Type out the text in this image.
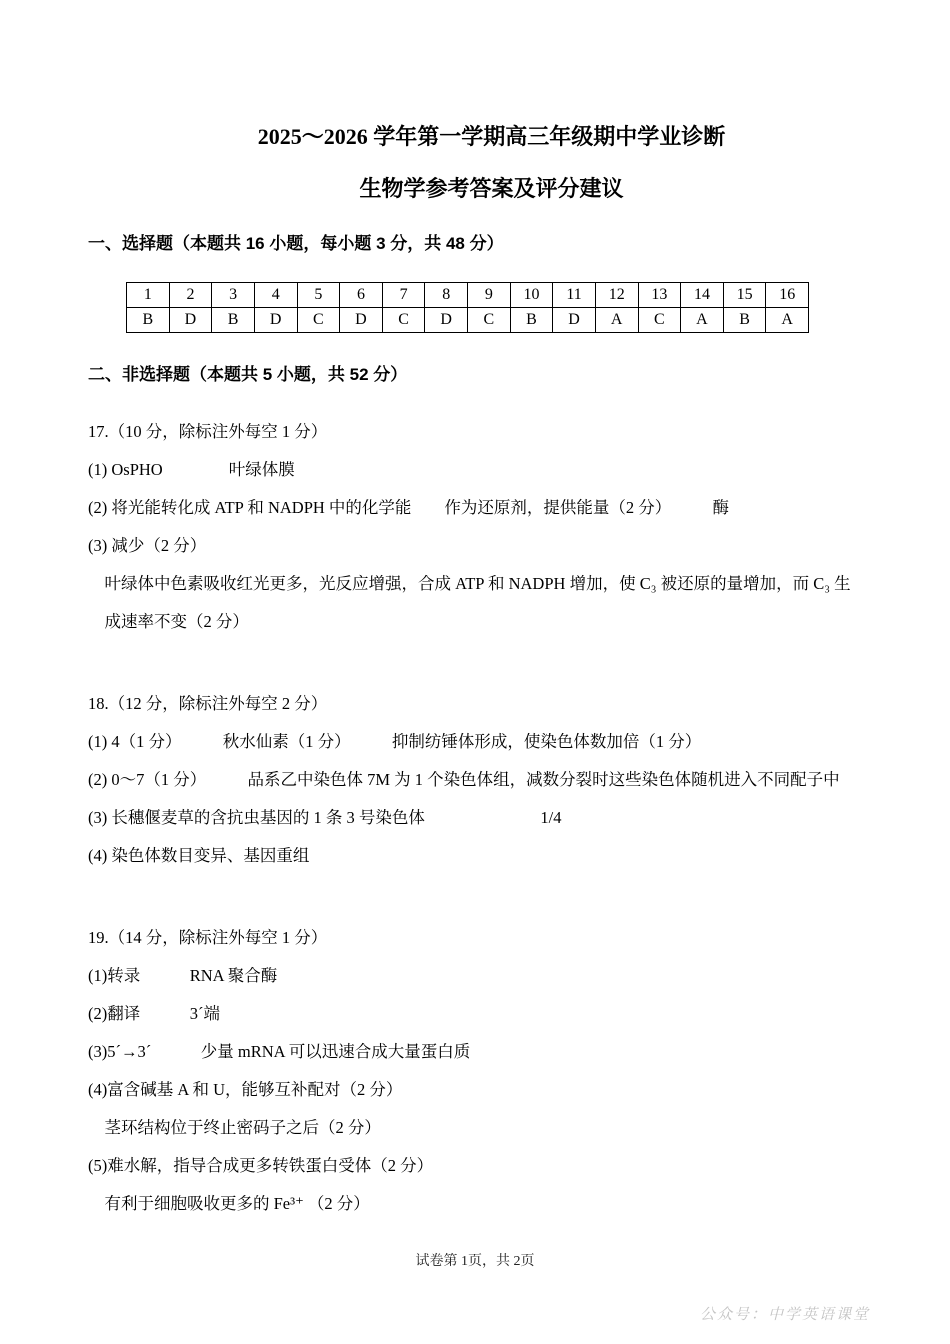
2025～2026 学年第一学期高三年级期中学业诊断
生物学参考答案及评分建议
一、选择题（本题共 16 小题，每小题 3 分，共 48 分）
1	2	3	4	5	6	7	8	9	10	11	12	13	14	15	16
B	D	B	D	C	D	C	D	C	B	D	A	C	A	B	A
二、非选择题（本题共 5 小题，共 52 分）
17.（10 分，除标注外每空 1 分）
(1) OsPHO　　　　叶绿体膜
(2) 将光能转化成 ATP 和 NADPH 中的化学能　　作为还原剂，提供能量（2 分）　　　酶
(3) 减少（2 分）
　叶绿体中色素吸收红光更多，光反应增强，合成 ATP 和 NADPH 增加，使 C₃ 被还原的量增加，而 C₃ 生
　成速率不变（2 分）
18.（12 分，除标注外每空 2 分）
(1) 4（1 分）　　　秋水仙素（1 分）　　　抑制纺锤体形成，使染色体数加倍（1 分）
(2) 0～7（1 分）　　　品系乙中染色体 7M 为 1 个染色体组，减数分裂时这些染色体随机进入不同配子中
(3) 长穗偃麦草的含抗虫基因的 1 条 3 号染色体　　　　　　　1/4
(4) 染色体数目变异、基因重组
19.（14 分，除标注外每空 1 分）
(1)转录　　　RNA 聚合酶
(2)翻译　　　3´端
(3)5´→3´　　　少量 mRNA 可以迅速合成大量蛋白质
(4)富含碱基 A 和 U，能够互补配对（2 分）
　茎环结构位于终止密码子之后（2 分）
(5)难水解，指导合成更多转铁蛋白受体（2 分）
　有利于细胞吸收更多的 Fe³⁺ （2 分）
试卷第 1页，共 2页
公众号：中学英语课堂
